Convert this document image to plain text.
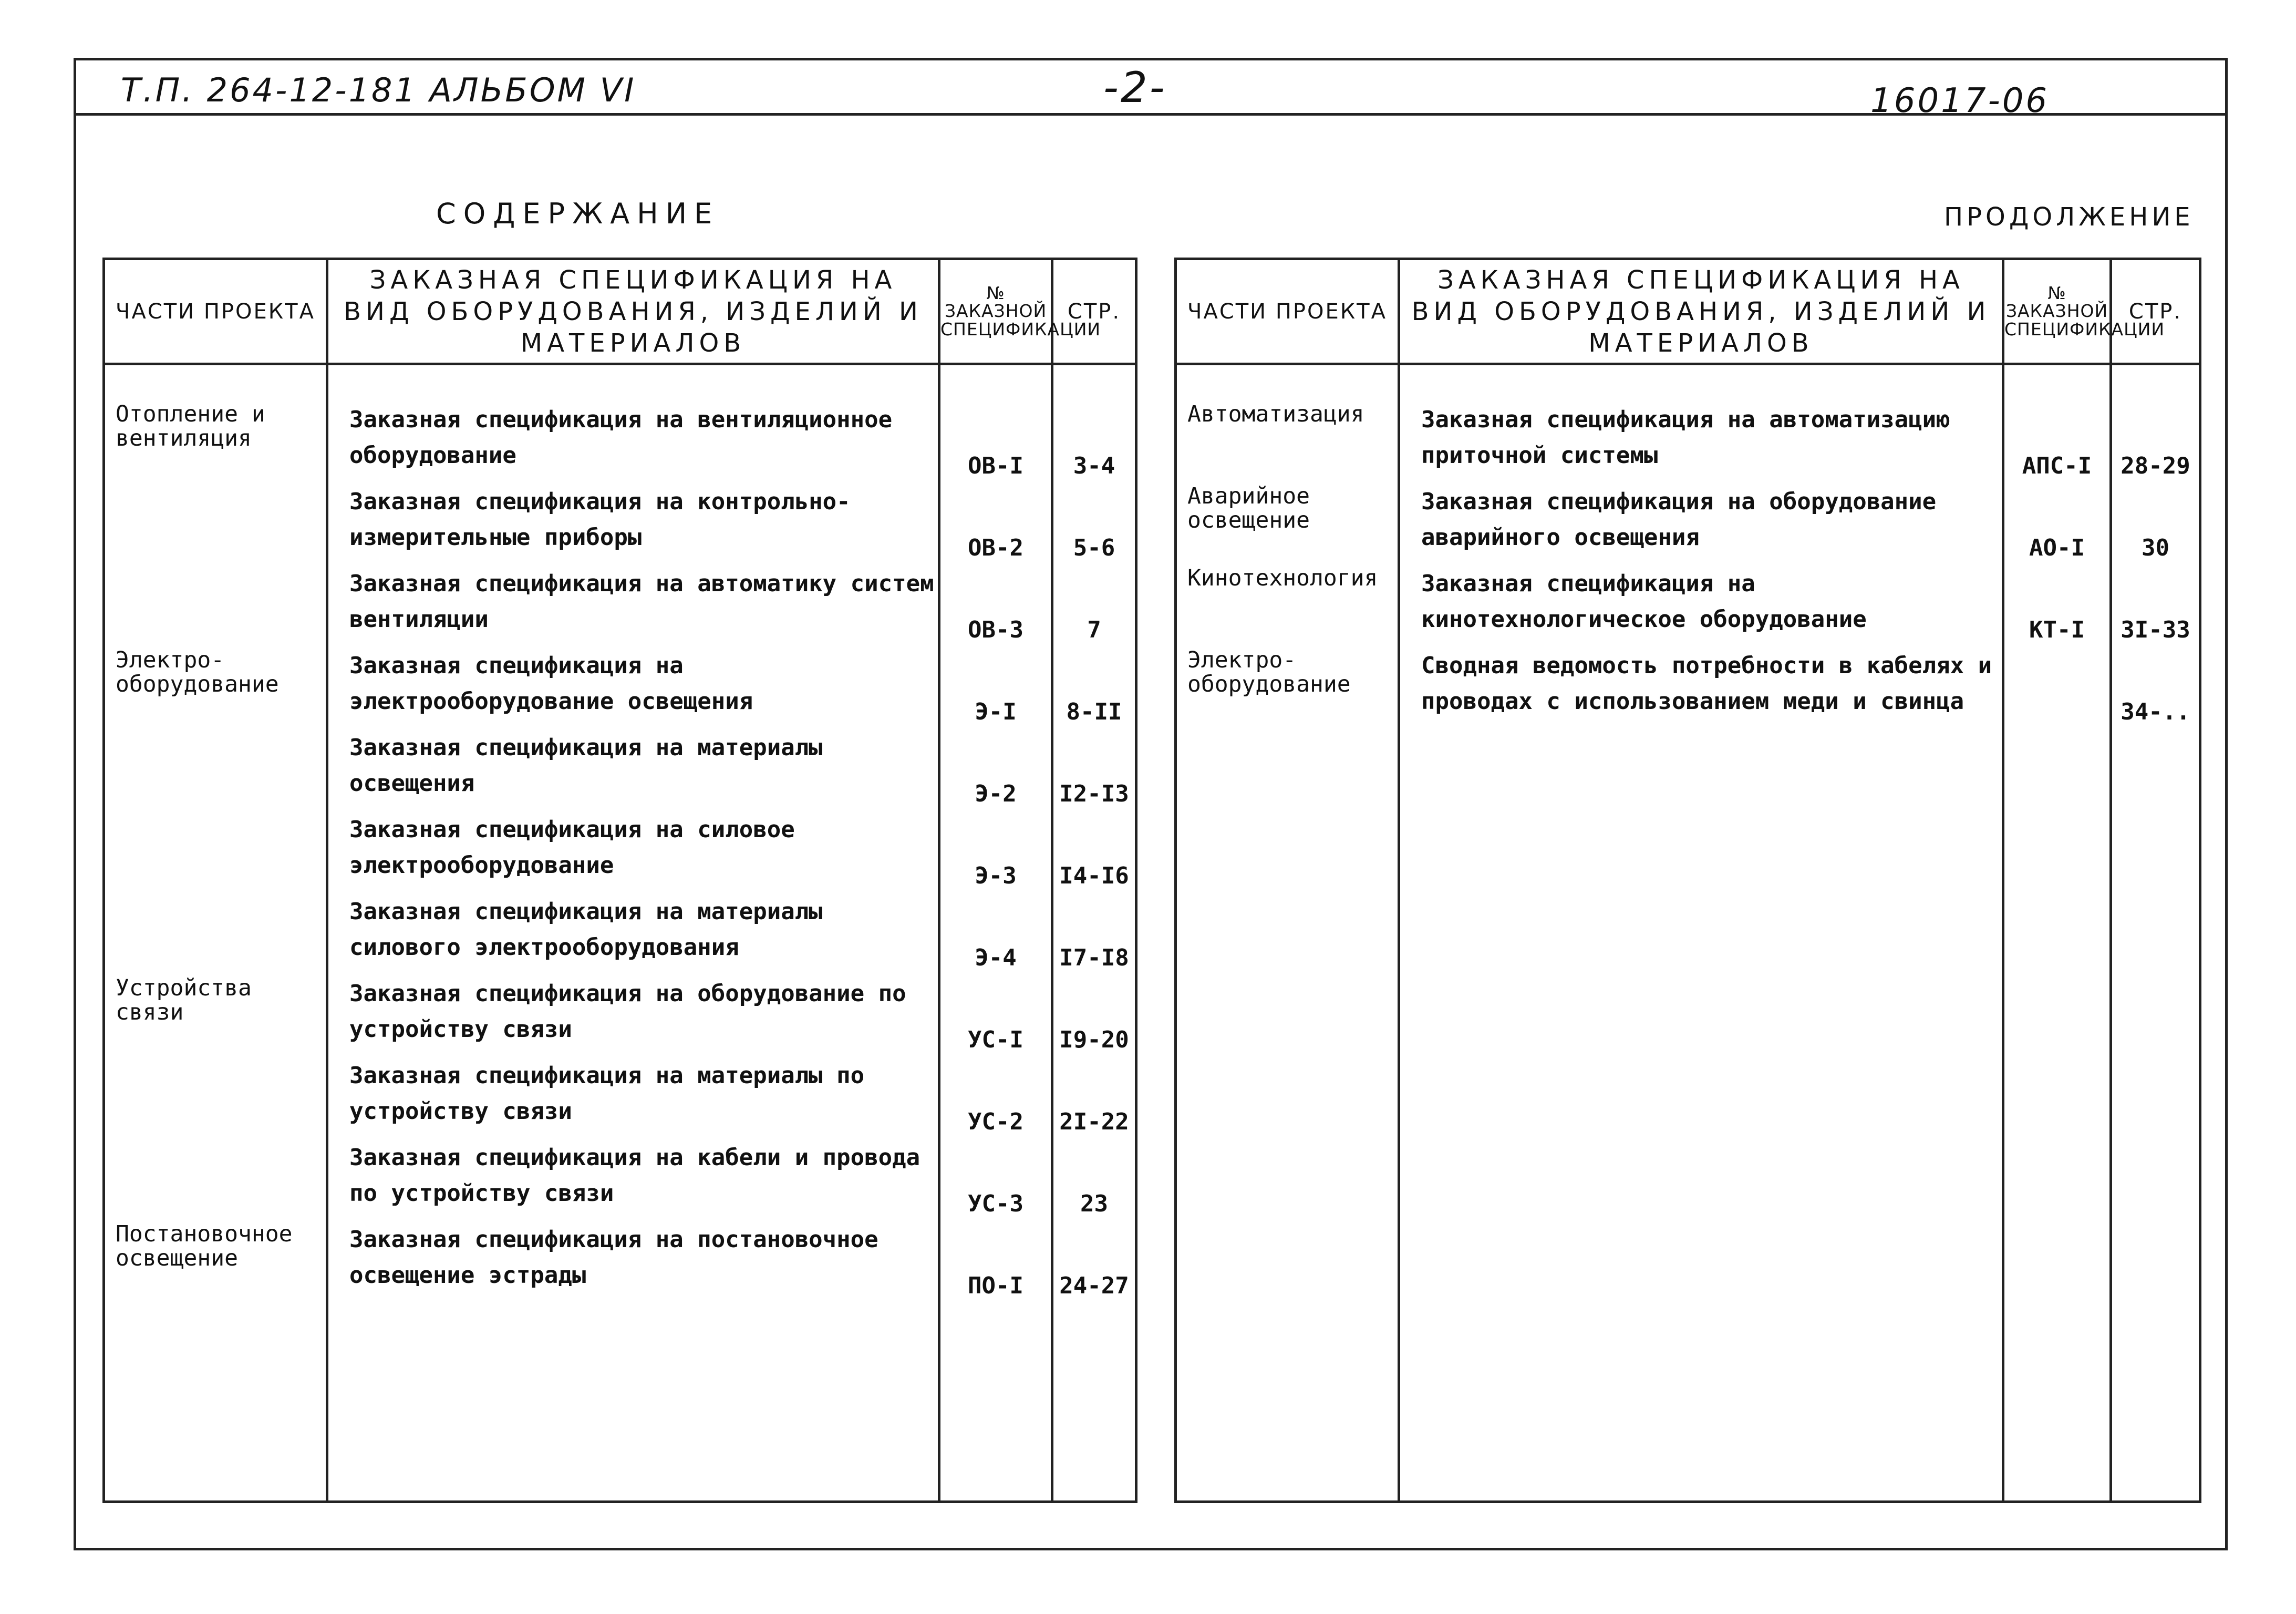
Т.П. 264-12-181 АЛЬБОМ VI	-2-	16017-06
СОДЕРЖАНИЕ	ПРОДОЛЖЕНИЕ
ЧАСТИ ПРОЕКТА	ЗАКАЗНАЯ СПЕЦИФИКАЦИЯ НА ВИД ОБОРУДОВАНИЯ, ИЗДЕЛИЙ И МАТЕРИАЛОВ	№ ЗАКАЗНОЙ СПЕЦИФИКАЦИИ	СТР.

Отопление и вентиляция	Заказная спецификация на вентиляционное оборудование	ОВ-I	3-4
	Заказная спецификация на контрольно-измерительные приборы	ОВ-2	5-6
	Заказная спецификация на автоматику систем вентиляции	ОВ-3	7
Электро-оборудование	Заказная спецификация на электрооборудование освещения	Э-I	8-II
	Заказная спецификация на материалы освещения	Э-2	I2-I3
	Заказная спецификация на силовое электрооборудование	Э-3	I4-I6
	Заказная спецификация на материалы силового электрооборудования	Э-4	I7-I8
Устройства связи	Заказная спецификация на оборудование по устройству связи	УС-I	I9-20
	Заказная спецификация на материалы по устройству связи	УС-2	2I-22
	Заказная спецификация на кабели и провода по устройству связи	УС-3	23
Постановочное освещение	Заказная спецификация на постановочное освещение эстрады	ПО-I	24-27

ЧАСТИ ПРОЕКТА	ЗАКАЗНАЯ СПЕЦИФИКАЦИЯ НА ВИД ОБОРУДОВАНИЯ, ИЗДЕЛИЙ И МАТЕРИАЛОВ	№ ЗАКАЗНОЙ СПЕЦИФИКАЦИИ	СТР.

Автоматизация	Заказная спецификация на автоматизацию приточной системы	АПС-I	28-29
Аварийное освещение	Заказная спецификация на оборудование аварийного освещения	АО-I	30
Кинотехнология	Заказная спецификация на кинотехнологическое оборудование	КТ-I	3I-33
Электро-оборудование	Сводная ведомость потребности в кабелях и проводах с использованием меди и свинца		34-..
